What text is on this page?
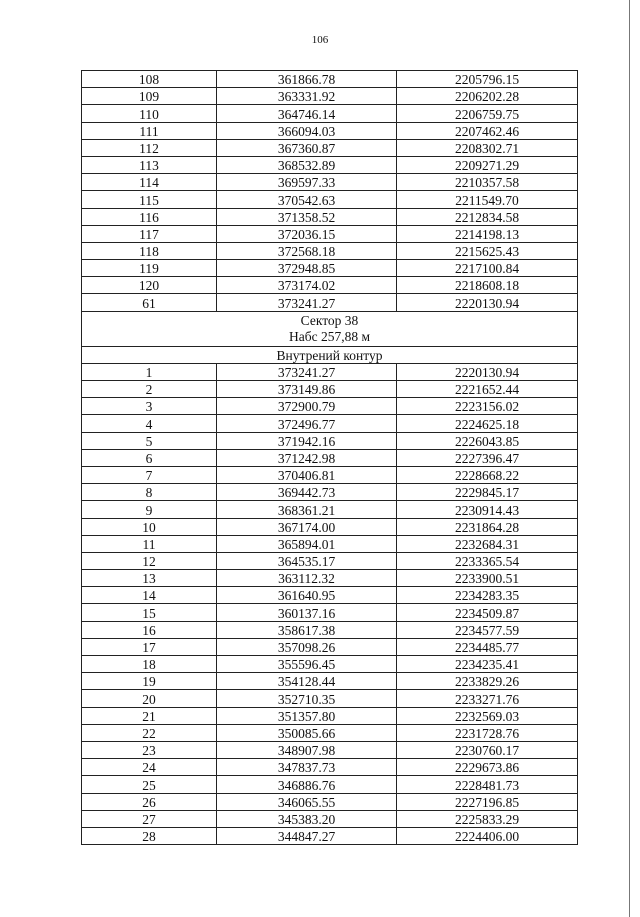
106
108	361866.78	2205796.15
109	363331.92	2206202.28
110	364746.14	2206759.75
111	366094.03	2207462.46
112	367360.87	2208302.71
113	368532.89	2209271.29
114	369597.33	2210357.58
115	370542.63	2211549.70
116	371358.52	2212834.58
117	372036.15	2214198.13
118	372568.18	2215625.43
119	372948.85	2217100.84
120	373174.02	2218608.18
61	373241.27	2220130.94

Сектор 38
Набс 257,88 м		

Внутрений контур		
1	373241.27	2220130.94
2	373149.86	2221652.44
3	372900.79	2223156.02
4	372496.77	2224625.18
5	371942.16	2226043.85
6	371242.98	2227396.47
7	370406.81	2228668.22
8	369442.73	2229845.17
9	368361.21	2230914.43
10	367174.00	2231864.28
11	365894.01	2232684.31
12	364535.17	2233365.54
13	363112.32	2233900.51
14	361640.95	2234283.35
15	360137.16	2234509.87
16	358617.38	2234577.59
17	357098.26	2234485.77
18	355596.45	2234235.41
19	354128.44	2233829.26
20	352710.35	2233271.76
21	351357.80	2232569.03
22	350085.66	2231728.76
23	348907.98	2230760.17
24	347837.73	2229673.86
25	346886.76	2228481.73
26	346065.55	2227196.85
27	345383.20	2225833.29
28	344847.27	2224406.00
